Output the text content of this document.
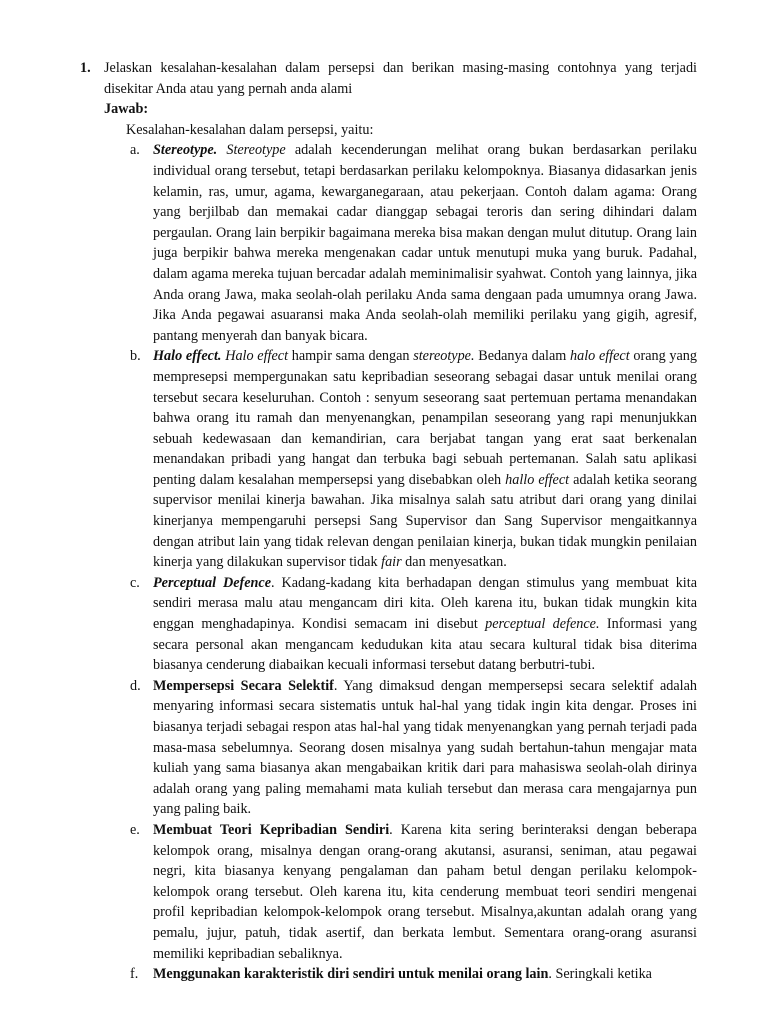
1. Jelaskan kesalahan-kesalahan dalam persepsi dan berikan masing-masing contohnya yang terjadi disekitar Anda atau yang pernah anda alami
Jawab:
Kesalahan-kesalahan dalam persepsi, yaitu:
a. Stereotype. Stereotype adalah kecenderungan melihat orang bukan berdasarkan perilaku individual orang tersebut, tetapi berdasarkan perilaku kelompoknya. Biasanya didasarkan jenis kelamin, ras, umur, agama, kewarganegaraan, atau pekerjaan. Contoh dalam agama: Orang yang berjilbab dan memakai cadar dianggap sebagai teroris dan sering dihindari dalam pergaulan. Orang lain berpikir bagaimana mereka bisa makan dengan mulut ditutup. Orang lain juga berpikir bahwa mereka mengenakan cadar untuk menutupi muka yang buruk. Padahal, dalam agama mereka tujuan bercadar adalah meminimalisir syahwat. Contoh yang lainnya, jika Anda orang Jawa, maka seolah-olah perilaku Anda sama dengaan pada umumnya orang Jawa. Jika Anda pegawai asuaransi maka Anda seolah-olah memiliki perilaku yang gigih, agresif, pantang menyerah dan banyak bicara.
b. Halo effect. Halo effect hampir sama dengan stereotype. Bedanya dalam halo effect orang yang mempresepsi mempergunakan satu kepribadian seseorang sebagai dasar untuk menilai orang tersebut secara keseluruhan. Contoh : senyum seseorang saat pertemuan pertama menandakan bahwa orang itu ramah dan menyenangkan, penampilan seseorang yang rapi menunjukkan sebuah kedewasaan dan kemandirian, cara berjabat tangan yang erat saat berkenalan menandakan pribadi yang hangat dan terbuka bagi sebuah pertemanan. Salah satu aplikasi penting dalam kesalahan mempersepsi yang disebabkan oleh hallo effect adalah ketika seorang supervisor menilai kinerja bawahan. Jika misalnya salah satu atribut dari orang yang dinilai kinerjanya mempengaruhi persepsi Sang Supervisor dan Sang Supervisor mengaitkannya dengan atribut lain yang tidak relevan dengan penilaian kinerja, bukan tidak mungkin penilaian kinerja yang dilakukan supervisor tidak fair dan menyesatkan.
c. Perceptual Defence. Kadang-kadang kita berhadapan dengan stimulus yang membuat kita sendiri merasa malu atau mengancam diri kita. Oleh karena itu, bukan tidak mungkin kita enggan menghadapinya. Kondisi semacam ini disebut perceptual defence. Informasi yang secara personal akan mengancam kedudukan kita atau secara kultural tidak bisa diterima biasanya cenderung diabaikan kecuali informasi tersebut datang berbutri-tubi.
d. Mempersepsi Secara Selektif. Yang dimaksud dengan mempersepsi secara selektif adalah menyaring informasi secara sistematis untuk hal-hal yang tidak ingin kita dengar. Proses ini biasanya terjadi sebagai respon atas hal-hal yang tidak menyenangkan yang pernah terjadi pada masa-masa sebelumnya. Seorang dosen misalnya yang sudah bertahun-tahun mengajar mata kuliah yang sama biasanya akan mengabaikan kritik dari para mahasiswa seolah-olah dirinya adalah orang yang paling memahami mata kuliah tersebut dan merasa cara mengajarnya pun yang paling baik.
e. Membuat Teori Kepribadian Sendiri. Karena kita sering berinteraksi dengan beberapa kelompok orang, misalnya dengan orang-orang akutansi, asuransi, seniman, atau pegawai negri, kita biasanya kenyang pengalaman dan paham betul dengan perilaku kelompok-kelompok orang tersebut. Oleh karena itu, kita cenderung membuat teori sendiri mengenai profil kepribadian kelompok-kelompok orang tersebut. Misalnya,akuntan adalah orang yang pemalu, jujur, patuh, tidak asertif, dan berkata lembut. Sementara orang-orang asuransi memiliki kepribadian sebaliknya.
f. Menggunakan karakteristik diri sendiri untuk menilai orang lain. Seringkali ketika
